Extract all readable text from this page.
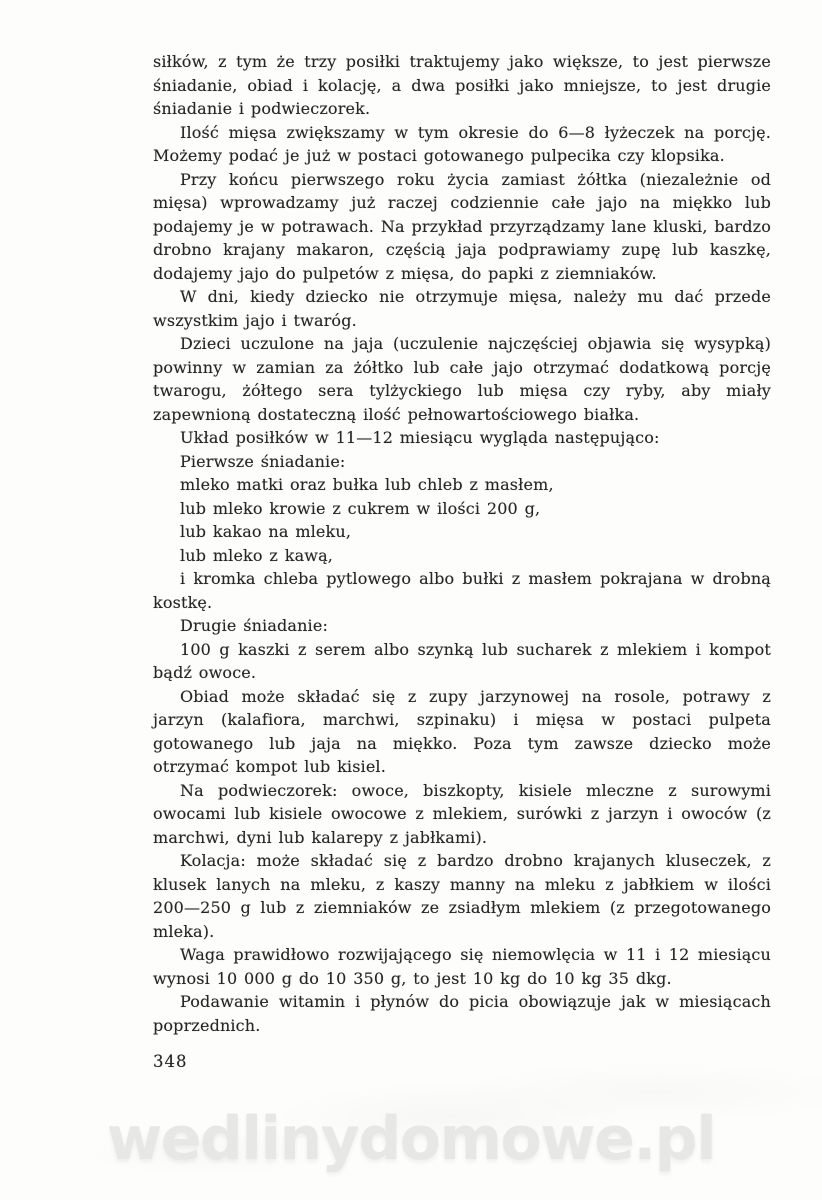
siłków, z tym że trzy posiłki traktujemy jako większe, to jest pierwsze śniadanie, obiad i kolację, a dwa posiłki jako mniejsze, to jest drugie śniadanie i podwieczorek.

Ilość mięsa zwiększamy w tym okresie do 6—8 łyżeczek na porcję. Możemy podać je już w postaci gotowanego pulpecika czy klopsika.

Przy końcu pierwszego roku życia zamiast żółtka (niezależnie od mięsa) wprowadzamy już raczej codziennie całe jajo na miękko lub podajemy je w potrawach. Na przykład przyrządzamy lane kluski, bardzo drobno krajany makaron, częścią jaja podprawiamy zupę lub kaszkę, dodajemy jajo do pulpetów z mięsa, do papki z ziemniaków.

W dni, kiedy dziecko nie otrzymuje mięsa, należy mu dać przede wszystkim jajo i twaróg.

Dzieci uczulone na jaja (uczulenie najczęściej objawia się wysypką) powinny w zamian za żółtko lub całe jajo otrzymać dodatkową porcję twarogu, żółtego sera tylżyckiego lub mięsa czy ryby, aby miały zapewnioną dostateczną ilość pełnowartościowego białka.

Układ posiłków w 11—12 miesiącu wygląda następująco:

Pierwsze śniadanie:

mleko matki oraz bułka lub chleb z masłem,

lub mleko krowie z cukrem w ilości 200 g,

lub kakao na mleku,

lub mleko z kawą,

i kromka chleba pytlowego albo bułki z masłem pokrajana w drobną kostkę.

Drugie śniadanie:

100 g kaszki z serem albo szynką lub sucharek z mlekiem i kompot bądź owoce.

Obiad może składać się z zupy jarzynowej na rosole, potrawy z jarzyn (kalafiora, marchwi, szpinaku) i mięsa w postaci pulpeta gotowanego lub jaja na miękko. Poza tym zawsze dziecko może otrzymać kompot lub kisiel.

Na podwieczorek: owoce, biszkopty, kisiele mleczne z surowymi owocami lub kisiele owocowe z mlekiem, surówki z jarzyn i owoców (z marchwi, dyni lub kalarepy z jabłkami).

Kolacja: może składać się z bardzo drobno krajanych kluseczek, z klusek lanych na mleku, z kaszy manny na mleku z jabłkiem w ilości 200—250 g lub z ziemniaków ze zsiadłym mlekiem (z przegotowanego mleka).

Waga prawidłowo rozwijającego się niemowlęcia w 11 i 12 miesiącu wynosi 10 000 g do 10 350 g, to jest 10 kg do 10 kg 35 dkg.

Podawanie witamin i płynów do picia obowiązuje jak w miesiącach poprzednich.

348
wedlinydomowe.pl
